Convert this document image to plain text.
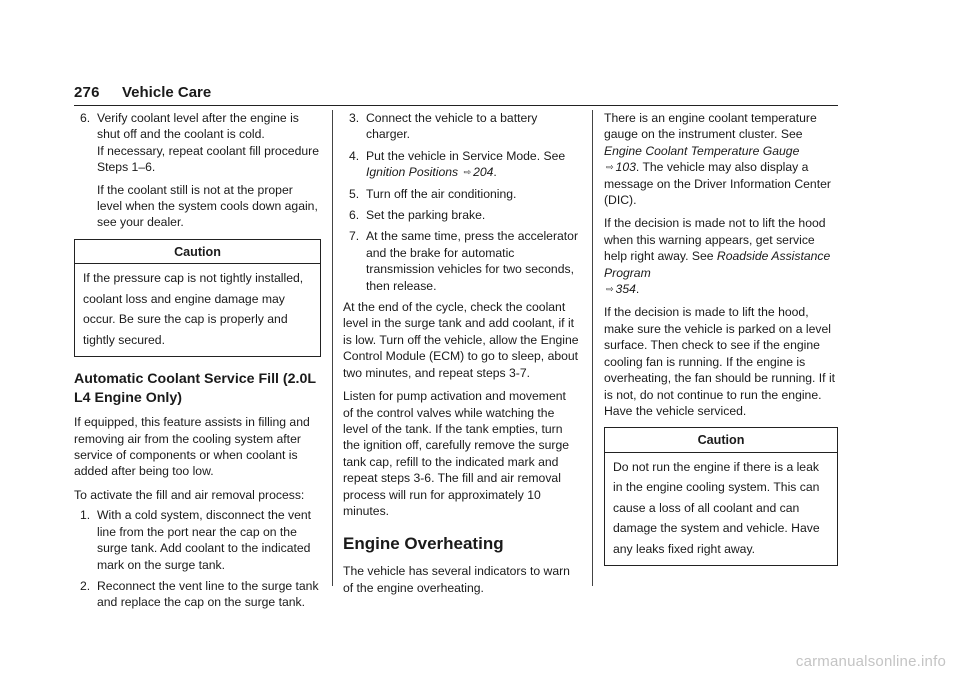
276 Vehicle Care
6. Verify coolant level after the engine is shut off and the coolant is cold.
If necessary, repeat coolant fill procedure Steps 1–6.
If the coolant still is not at the proper level when the system cools down again, see your dealer.
Caution
If the pressure cap is not tightly installed, coolant loss and engine damage may occur. Be sure the cap is properly and tightly secured.
Automatic Coolant Service Fill (2.0L L4 Engine Only)

If equipped, this feature assists in filling and removing air from the cooling system after service of components or when coolant is added after being too low.

To activate the fill and air removal process:

1. With a cold system, disconnect the vent line from the port near the cap on the surge tank. Add coolant to the indicated mark on the surge tank.
2. Reconnect the vent line to the surge tank and replace the cap on the surge tank.
3. Connect the vehicle to a battery charger.
4. Put the vehicle in Service Mode. See
Ignition Positions ⇨ 204.
5. Turn off the air conditioning.
6. Set the parking brake.
7. At the same time, press the accelerator and the brake for automatic transmission vehicles for two seconds, then release.

At the end of the cycle, check the coolant level in the surge tank and add coolant, if it is low. Turn off the vehicle, allow the Engine Control Module (ECM) to go to sleep, about two minutes, and repeat steps 3-7.

Listen for pump activation and movement of the control valves while watching the level of the tank. If the tank empties, turn the ignition off, carefully remove the surge tank cap, refill to the indicated mark and repeat steps 3-6. The fill and air removal process will run for approximately 10 minutes.

Engine Overheating

The vehicle has several indicators to warn of the engine overheating.

There is an engine coolant temperature gauge on the instrument cluster. See Engine Coolant Temperature Gauge ⇨ 103. The vehicle may also display a message on the Driver Information Center (DIC).

If the decision is made not to lift the hood when this warning appears, get service help right away. See Roadside Assistance Program
⇨ 354.

If the decision is made to lift the hood, make sure the vehicle is parked on a level surface. Then check to see if the engine cooling fan is running. If the engine is overheating, the fan should be running. If it is not, do not continue to run the engine. Have the vehicle serviced.

Caution
Do not run the engine if there is a leak in the engine cooling system. This can cause a loss of all coolant and can damage the system and vehicle. Have any leaks fixed right away.
carmanualsonline.info
